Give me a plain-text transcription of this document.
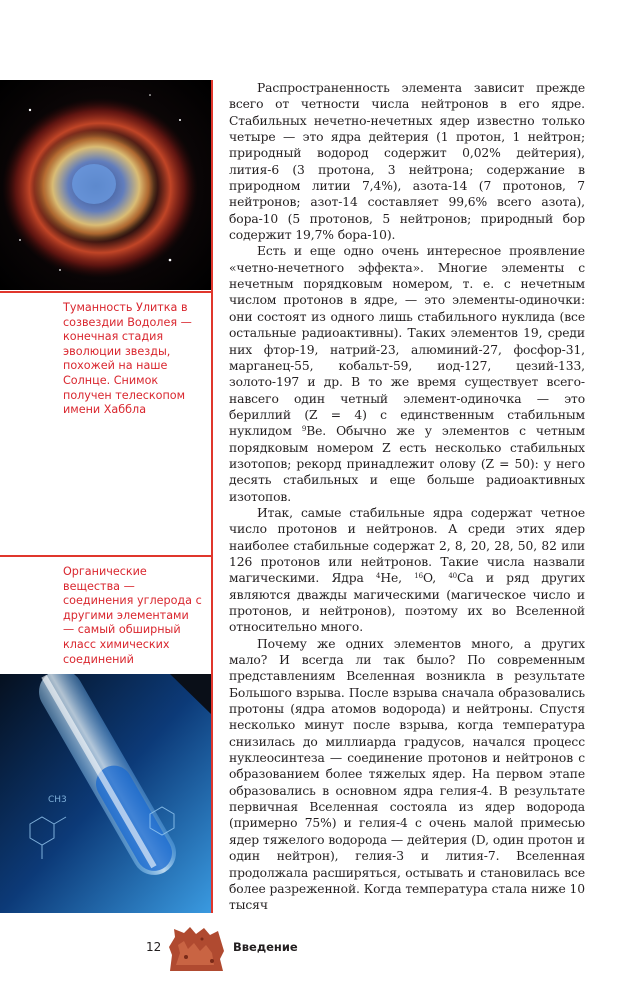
Туманность Улитка в созвездии Водолея — конечная стадия эволюции звезды, похожей на наше Солнце. Снимок получен телескопом имени Хаббла
Органические вещества — соединения углерода с другими элементами — самый обширный класс химических соединений
CH3

Распространенность элемента зависит прежде всего от четности числа нейтронов в его ядре. Стабильных нечетно-нечетных ядер известно только четыре — это ядра дейтерия (1 протон, 1 нейтрон; природный водород содержит 0,02% дейтерия), лития-6 (3 протона, 3 нейтрона; содержание в природном литии 7,4%), азота-14 (7 протонов, 7 нейтронов; азот-14 составляет 99,6% всего азота), бора-10 (5 протонов, 5 нейтронов; природный бор содержит 19,7% бора-10).

Есть и еще одно очень интересное проявление «четно-нечетного эффекта». Многие элементы с нечетным порядковым номером, т. е. с нечетным числом протонов в ядре, — это элементы-одиночки: они состоят из одного лишь стабильного нуклида (все остальные радиоактивны). Таких элементов 19, среди них фтор-19, натрий-23, алюминий-27, фосфор-31, марганец-55, кобальт-59, иод-127, цезий-133, золото-197 и др. В то же время существует всего-навсего один четный элемент-одиночка — это бериллий (Z = 4) с единственным стабильным нуклидом $^9$Be. Обычно же у элементов с четным порядковым номером Z есть несколько стабильных изотопов; рекорд принадлежит олову (Z = 50): у него десять стабильных и еще больше радиоактивных изотопов.

Итак, самые стабильные ядра содержат четное число протонов и нейтронов. А среди этих ядер наиболее стабильные содержат 2, 8, 20, 28, 50, 82 или 126 протонов или нейтронов. Такие числа назвали магическими. Ядра $^4$He, $^{16}$O, $^{40}$Ca и ряд других являются дважды магическими (магическое число и протонов, и нейтронов), поэтому их во Вселенной относительно много.

Почему же одних элементов много, а других мало? И всегда ли так было? По современным представлениям Вселенная возникла в результате Большого взрыва. После взрыва сначала образовались протоны (ядра атомов водорода) и нейтроны. Спустя несколько минут после взрыва, когда температура снизилась до миллиарда градусов, начался процесс нуклеосинтеза — соединение протонов и нейтронов с образованием более тяжелых ядер. На первом этапе образовались в основном ядра гелия-4. В результате первичная Вселенная состояла из ядер водорода (примерно 75%) и гелия-4 с очень малой примесью ядер тяжелого водорода — дейтерия (D, один протон и один нейтрон), гелия-3 и лития-7. Вселенная продолжала расширяться, остывать и становилась все более разреженной. Когда температура стала ниже 10 тысяч

12	Введение
